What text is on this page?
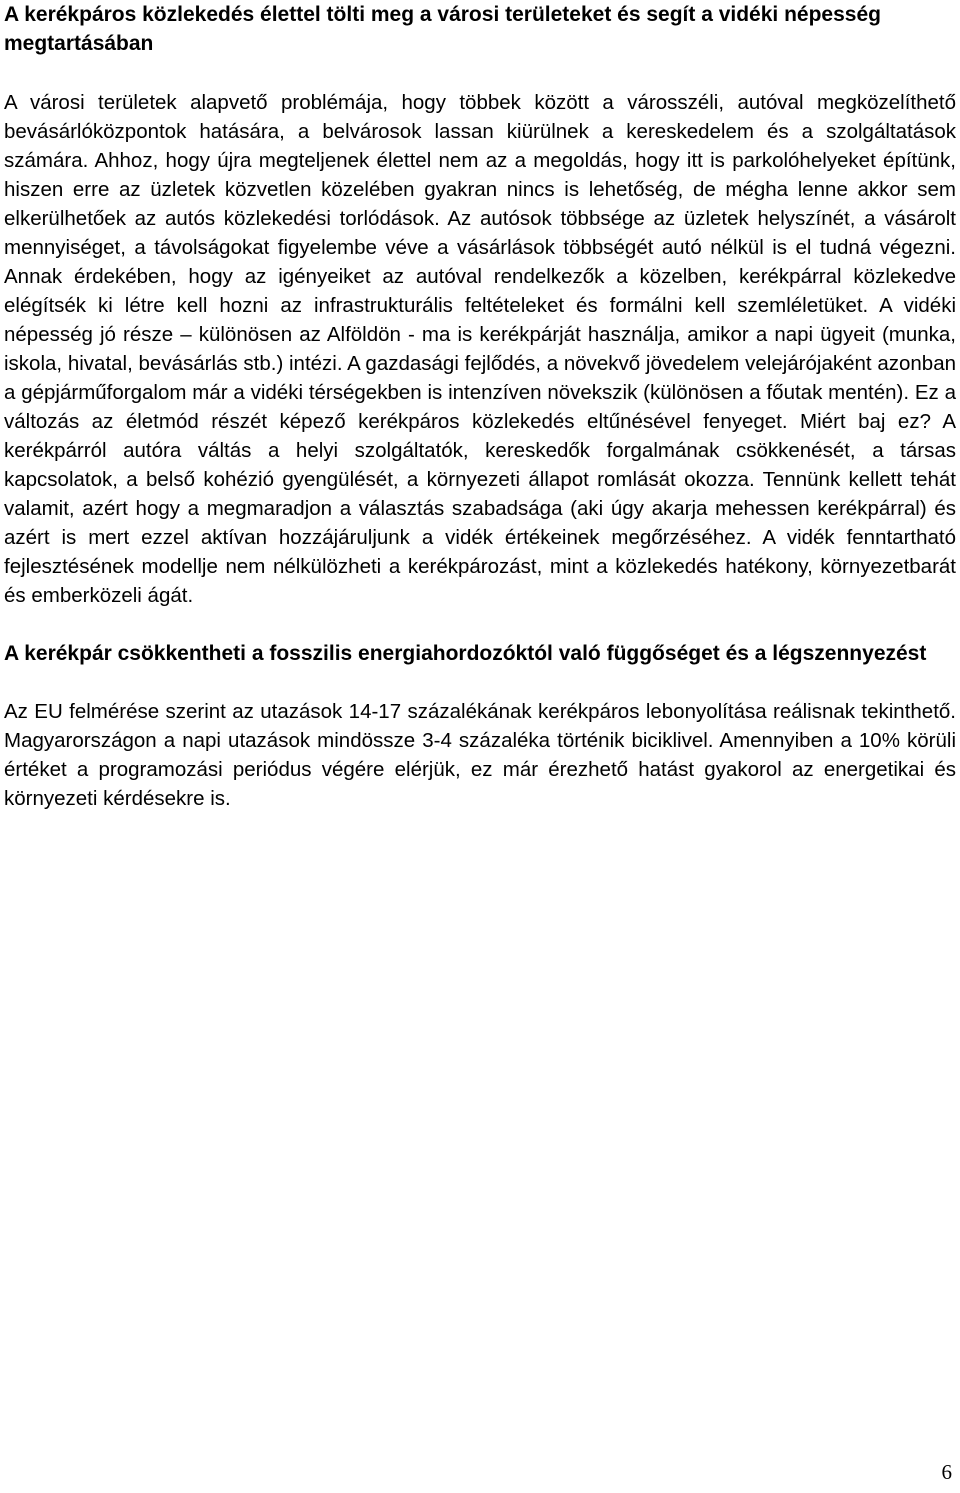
A kerékpáros közlekedés élettel tölti meg a városi területeket és segít a vidéki népesség megtartásában

A városi területek alapvető problémája, hogy többek között a városszéli, autóval megközelíthető bevásárlóközpontok hatására, a belvárosok lassan kiürülnek a kereskedelem és a szolgáltatások számára. Ahhoz, hogy újra megteljenek élettel nem az a megoldás, hogy itt is parkolóhelyeket építünk, hiszen erre az üzletek közvetlen közelében gyakran nincs is lehetőség, de mégha lenne akkor sem elkerülhetőek az autós közlekedési torlódások. Az autósok többsége az üzletek helyszínét, a vásárolt mennyiséget, a távolságokat figyelembe véve a vásárlások többségét autó nélkül is el tudná végezni. Annak érdekében, hogy az igényeiket az autóval rendelkezők a közelben, kerékpárral közlekedve elégítsék ki létre kell hozni az infrastrukturális feltételeket és formálni kell szemléletüket. A vidéki népesség jó része – különösen az Alföldön - ma is kerékpárját használja, amikor a napi ügyeit (munka, iskola, hivatal, bevásárlás stb.) intézi. A gazdasági fejlődés, a növekvő jövedelem velejárójaként azonban a gépjárműforgalom már a vidéki térségekben is intenzíven növekszik (különösen a főutak mentén). Ez a változás az életmód részét képező kerékpáros közlekedés eltűnésével fenyeget. Miért baj ez? A kerékpárról autóra váltás a helyi szolgáltatók, kereskedők forgalmának csökkenését, a társas kapcsolatok, a belső kohézió gyengülését, a környezeti állapot romlását okozza. Tennünk kellett tehát valamit, azért hogy a megmaradjon a választás szabadsága (aki úgy akarja mehessen kerékpárral) és azért is mert ezzel aktívan hozzájáruljunk a vidék értékeinek megőrzéséhez. A vidék fenntartható fejlesztésének modellje nem nélkülözheti a kerékpározást, mint a közlekedés hatékony, környezetbarát és emberközeli ágát.

A kerékpár csökkentheti a fosszilis energiahordozóktól való függőséget és a légszennyezést

Az EU felmérése szerint az utazások 14-17 százalékának kerékpáros lebonyolítása reálisnak tekinthető. Magyarországon a napi utazások mindössze 3-4 százaléka történik biciklivel. Amennyiben a 10% körüli értéket a programozási periódus végére elérjük, ez már érezhető hatást gyakorol az energetikai és környezeti kérdésekre is.

6
